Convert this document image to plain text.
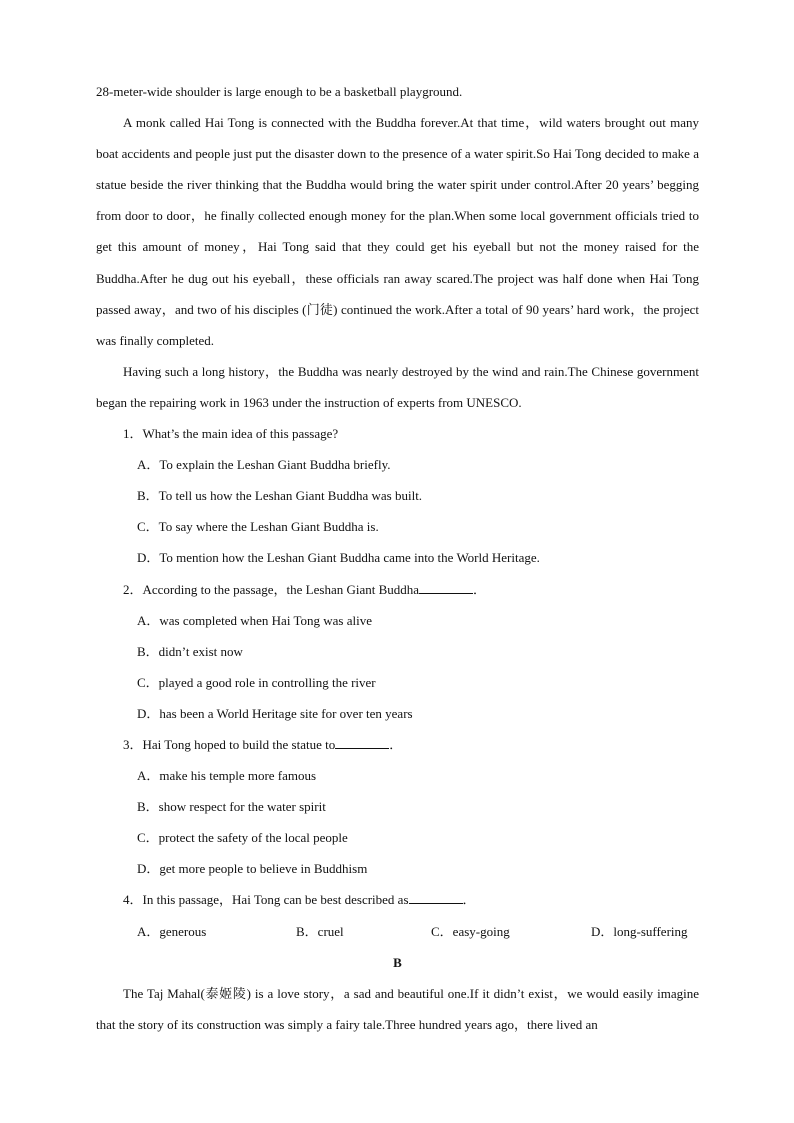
28-meter-wide shoulder is large enough to be a basketball playground.

A monk called Hai Tong is connected with the Buddha forever.At that time，wild waters brought out many boat accidents and people just put the disaster down to the presence of a water spirit.So Hai Tong decided to make a statue beside the river thinking that the Buddha would bring the water spirit under control.After 20 years’ begging from door to door，he finally collected enough money for the plan.When some local government officials tried to get this amount of money，Hai Tong said that they could get his eyeball but not the money raised for the Buddha.After he dug out his eyeball，these officials ran away scared.The project was half done when Hai Tong passed away，and two of his disciples (门徒) continued the work.After a total of 90 years’ hard work，the project was finally completed.

Having such a long history，the Buddha was nearly destroyed by the wind and rain.The Chinese government began the repairing work in 1963 under the instruction of experts from UNESCO.

1．What’s the main idea of this passage?

A．To explain the Leshan Giant Buddha briefly.

B．To tell us how the Leshan Giant Buddha was built.

C．To say where the Leshan Giant Buddha is.

D．To mention how the Leshan Giant Buddha came into the World Heritage.

2．According to the passage，the Leshan Giant Buddha	．

A．was completed when Hai Tong was alive

B．didn’t exist now

C．played a good role in controlling the river

D．has been a World Heritage site for over ten years

3．Hai Tong hoped to build the statue to	．

A．make his temple more famous

B．show respect for the water spirit

C．protect the safety of the local people

D．get more people to believe in Buddhism

4．In this passage，Hai Tong can be best described as	．

A．generous	B．cruel	C．easy-going	D．long-suffering

B

The Taj Mahal(泰姬陵) is a love story，a sad and beautiful one.If it didn’t exist，we would easily imagine that the story of its construction was simply a fairy tale.Three hundred years ago，there lived an
